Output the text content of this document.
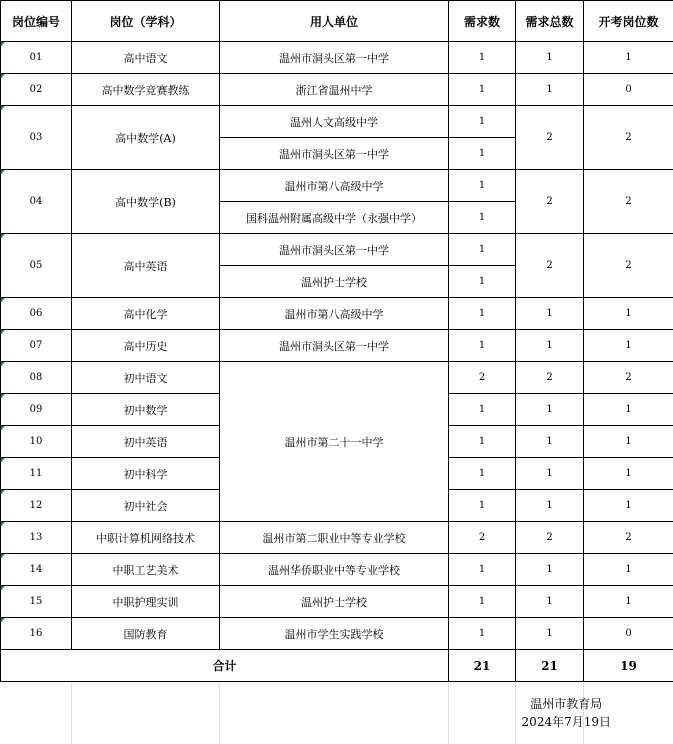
岗位编号	岗位（学科）	用人单位	需求数	需求总数	开考岗位数

01	高中语文	温州市洞头区第一中学	1	1	1

02	高中数学竞赛教练	浙江省温州中学	1	1	0

03	高中数学(A)	温州人文高级中学	1	2	2
		温州市洞头区第一中学	1		

04	高中数学(B)	温州市第八高级中学	1	2	2
		国科温州附属高级中学（永强中学）	1		

05	高中英语	温州市洞头区第一中学	1	2	2
		温州护士学校	1		

06	高中化学	温州市第八高级中学	1	1	1

07	高中历史	温州市洞头区第一中学	1	1	1

08	初中语文	温州市第二十一中学	2	2	2

09	初中数学		1	1	1

10	初中英语		1	1	1

11	初中科学		1	1	1

12	初中社会		1	1	1

13	中职计算机网络技术	温州市第二职业中等专业学校	2	2	2

14	中职工艺美术	温州华侨职业中等专业学校	1	1	1

15	中职护理实训	温州护士学校	1	1	1

16	国防教育	温州市学生实践学校	1	1	0
合计			21	21	19
温州市教育局
2024年7月19日
